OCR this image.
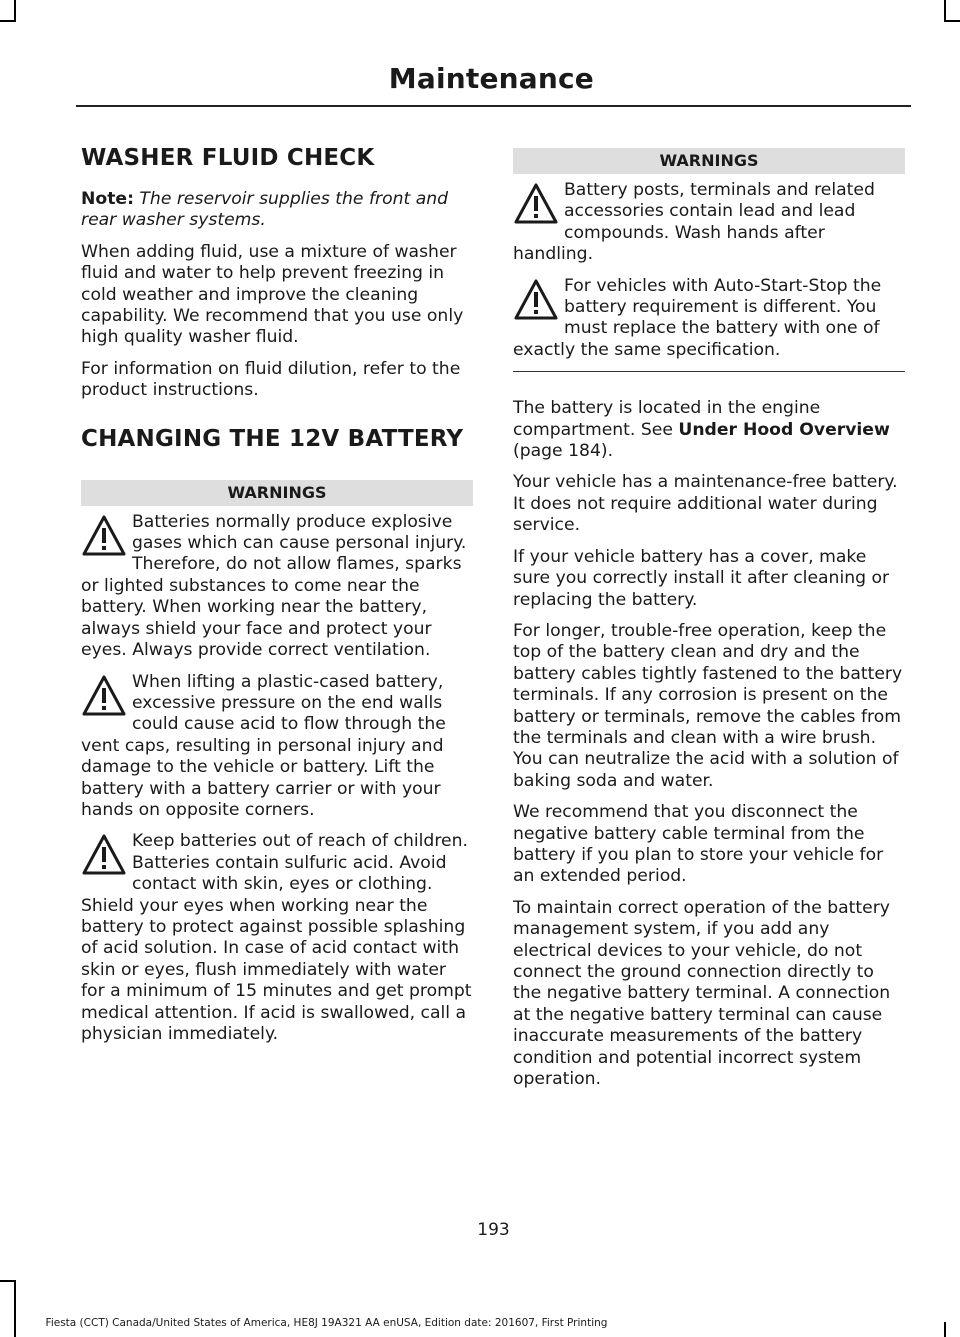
Maintenance
WASHER FLUID CHECK

Note: The reservoir supplies the front and rear washer systems.

When adding fluid, use a mixture of washer fluid and water to help prevent freezing in cold weather and improve the cleaning capability. We recommend that you use only high quality washer fluid.

For information on fluid dilution, refer to the product instructions.

CHANGING THE 12V BATTERY
WARNINGS
Batteries normally produce explosive gases which can cause personal injury. Therefore, do not allow flames, sparks or lighted substances to come near the battery. When working near the battery, always shield your face and protect your eyes. Always provide correct ventilation.
When lifting a plastic-cased battery, excessive pressure on the end walls could cause acid to flow through the vent caps, resulting in personal injury and damage to the vehicle or battery. Lift the battery with a battery carrier or with your hands on opposite corners.
Keep batteries out of reach of children. Batteries contain sulfuric acid. Avoid contact with skin, eyes or clothing. Shield your eyes when working near the battery to protect against possible splashing of acid solution. In case of acid contact with skin or eyes, flush immediately with water for a minimum of 15 minutes and get prompt medical attention. If acid is swallowed, call a physician immediately.
WARNINGS
Battery posts, terminals and related accessories contain lead and lead compounds. Wash hands after handling.
For vehicles with Auto-Start-Stop the battery requirement is different. You must replace the battery with one of exactly the same specification.

The battery is located in the engine compartment. See Under Hood Overview (page 184).

Your vehicle has a maintenance-free battery. It does not require additional water during service.

If your vehicle battery has a cover, make sure you correctly install it after cleaning or replacing the battery.

For longer, trouble-free operation, keep the top of the battery clean and dry and the battery cables tightly fastened to the battery terminals. If any corrosion is present on the battery or terminals, remove the cables from the terminals and clean with a wire brush. You can neutralize the acid with a solution of baking soda and water.

We recommend that you disconnect the negative battery cable terminal from the battery if you plan to store your vehicle for an extended period.

To maintain correct operation of the battery management system, if you add any electrical devices to your vehicle, do not connect the ground connection directly to the negative battery terminal. A connection at the negative battery terminal can cause inaccurate measurements of the battery condition and potential incorrect system operation.

193
Fiesta (CCT) Canada/United States of America, HE8J 19A321 AA enUSA, Edition date: 201607, First Printing
